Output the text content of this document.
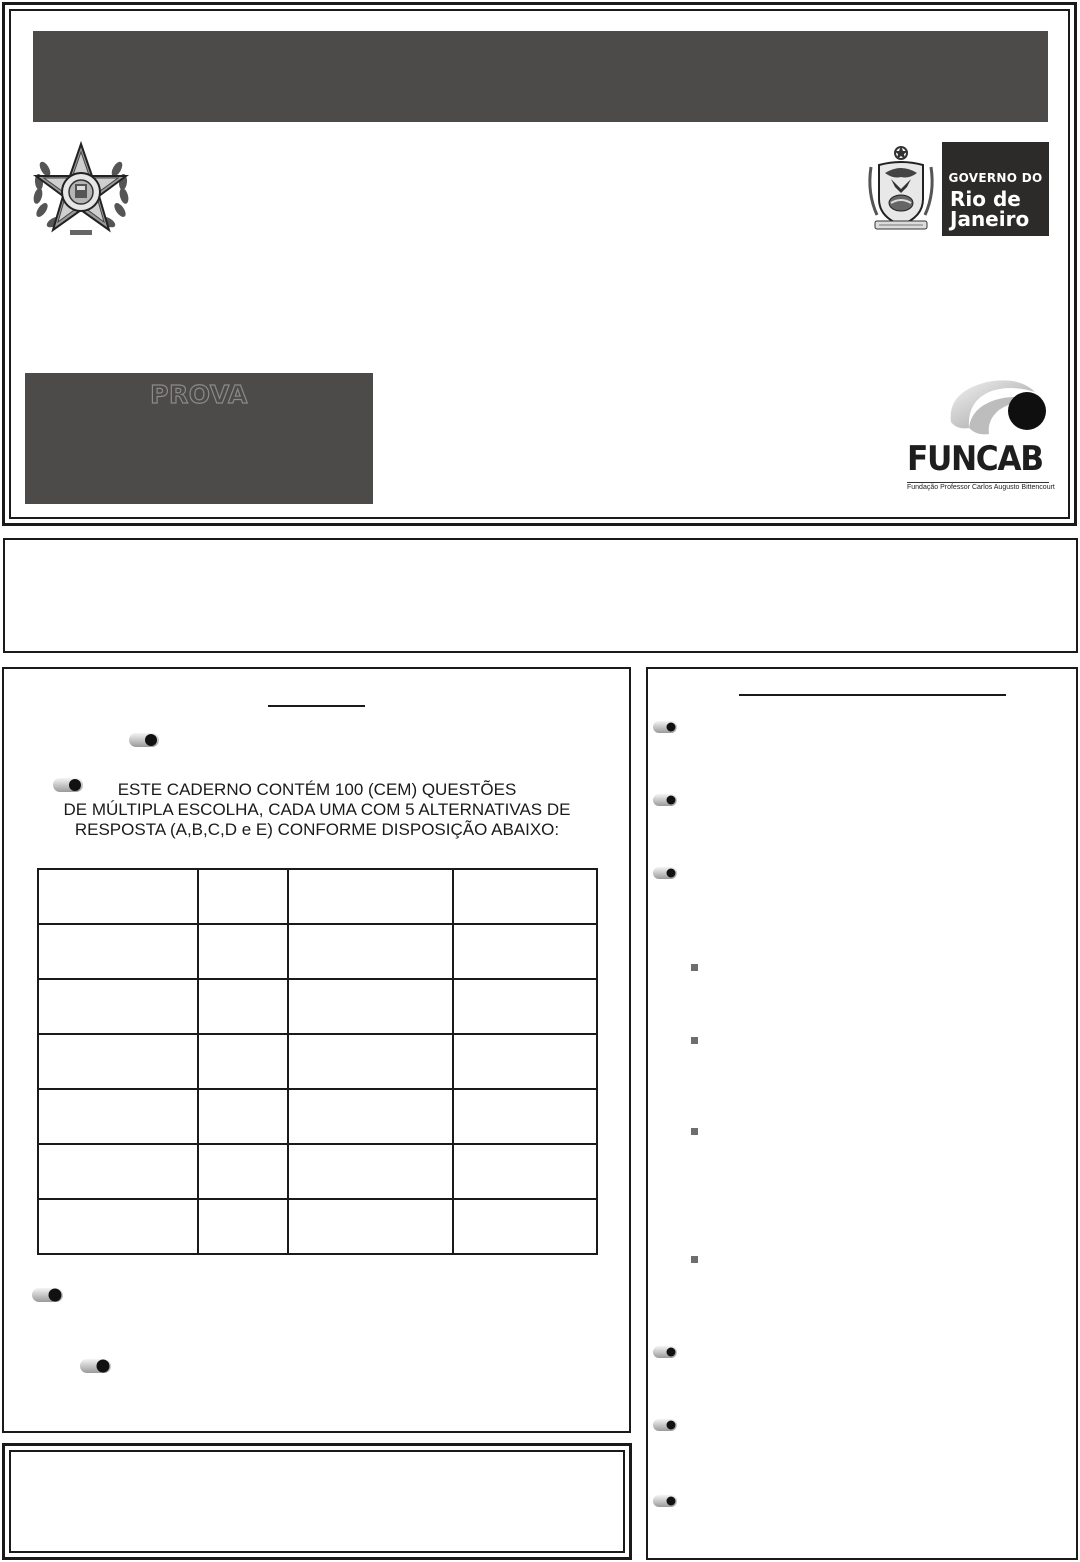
GOVERNO DO
Rio de
Janeiro
PROVA
FUNCAB
Fundação Professor Carlos Augusto Bittencourt
ESTE CADERNO CONTÉM 100 (CEM) QUESTÕES
DE MÚLTIPLA ESCOLHA, CADA UMA COM 5 ALTERNATIVAS DE
RESPOSTA (A,B,C,D e E) CONFORME DISPOSIÇÃO ABAIXO:
